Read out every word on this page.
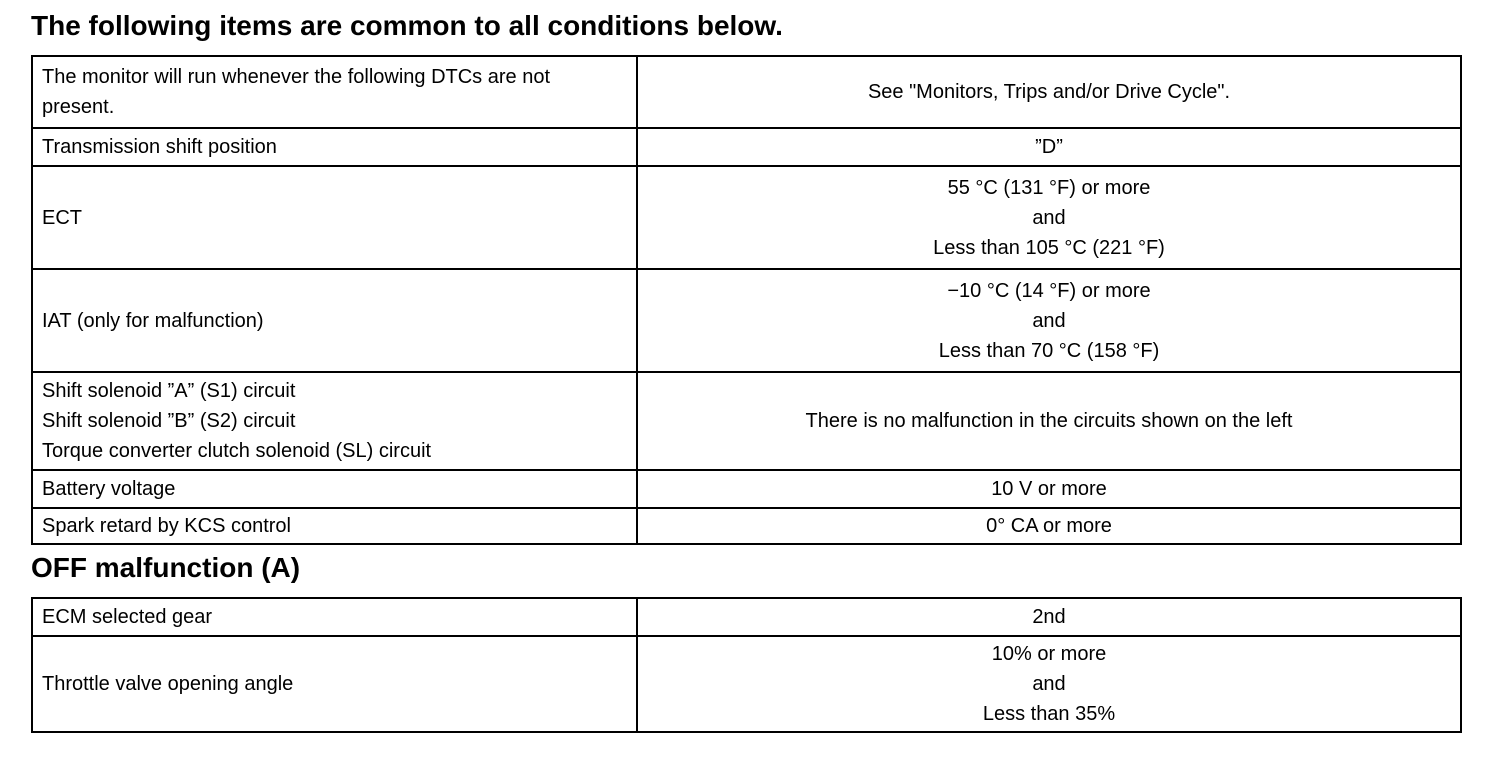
The following items are common to all conditions below.
The monitor will run whenever the following DTCs are not
present.	See "Monitors, Trips and/or Drive Cycle".

Transmission shift position	”D”

ECT	55 °C (131 °F) or more
and
Less than 105 °C (221 °F)

IAT (only for malfunction)	−10 °C (14 °F) or more
and
Less than 70 °C (158 °F)

Shift solenoid ”A” (S1) circuit
Shift solenoid ”B” (S2) circuit
Torque converter clutch solenoid (SL) circuit	There is no malfunction in the circuits shown on the left

Battery voltage	10 V or more

Spark retard by KCS control	0° CA or more
OFF malfunction (A)
ECM selected gear	2nd

Throttle valve opening angle	10% or more
and
Less than 35%
